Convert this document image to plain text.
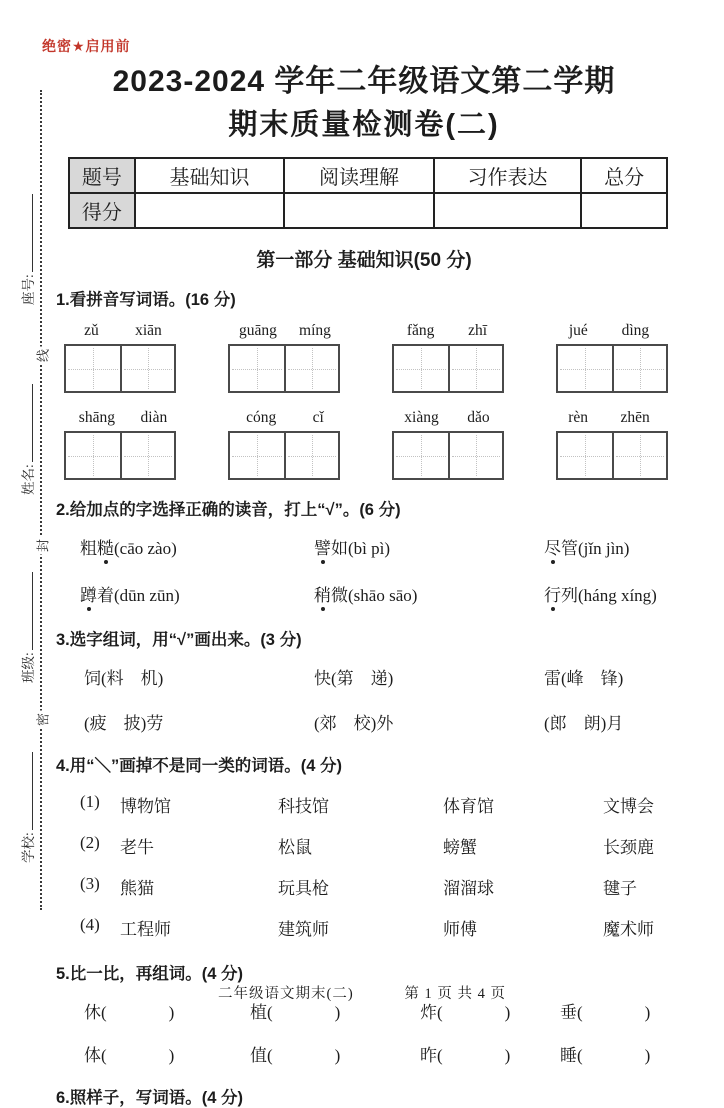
线
封
密
座号:
姓名:
班级:
学校:
绝密★启用前
2023-2024 学年二年级语文第二学期
期末质量检测卷(二)
题号	基础知识	阅读理解	习作表达	总分
得分				
第一部分 基础知识(50 分)
1.看拼音写词语。(16 分)
zǔ xiān	guāng míng	fǎng zhī	jué dìng
shāng diàn	cóng cǐ	xiàng dǎo	rèn zhēn
2.给加点的字选择正确的读音，打上“√”。(6 分)
粗糙(cāo zào)	譬如(bì pì)	尽管(jǐn jìn)
蹲着(dūn zūn)	稍微(shāo sāo)	行列(háng xíng)
3.选字组词，用“√”画出来。(3 分)
饲(料　机)	快(第　递)	雷(峰　锋)
(疲　披)劳	(郊　校)外	(郎　朗)月
4.用“＼”画掉不是同一类的词语。(4 分)
(1)	博物馆	科技馆	体育馆	文博会
(2)	老牛	松鼠	螃蟹	长颈鹿
(3)	熊猫	玩具枪	溜溜球	毽子
(4)	工程师	建筑师	师傅	魔术师
5.比一比，再组词。(4 分)
休(	)	植(	)	炸(	)	垂(	)
体(	)	值(	)	昨(	)	睡(	)
6.照样子，写词语。(4 分)
二年级语文期末(二)	第 1 页 共 4 页
